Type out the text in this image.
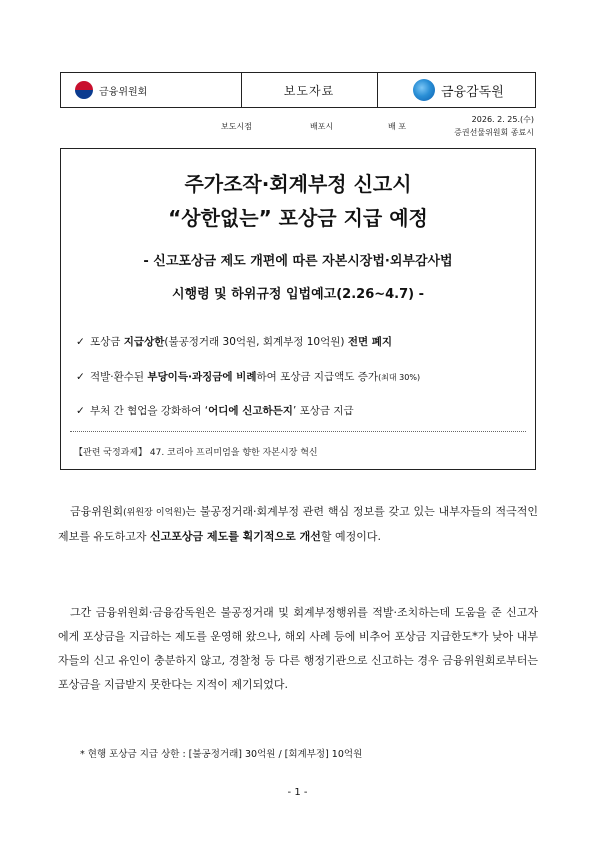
금융위원회	보도자료	금융감독원
보도시점	배포시	배 포
2026. 2. 25.(수)
증권선물위원회 종료시
주가조작·회계부정 신고시
“상한없는” 포상금 지급 예정
- 신고포상금 제도 개편에 따른 자본시장법·외부감사법
시행령 및 하위규정 입법예고(2.26~4.7) -
✓ 포상금 지급상한(불공정거래 30억원, 회계부정 10억원) 전면 폐지
✓ 적발·환수된 부당이득·과징금에 비례하여 포상금 지급액도 증가(최대 30%)
✓ 부처 간 협업을 강화하여 ‘어디에 신고하든지’ 포상금 지급
【관련 국정과제】 47. 코리아 프리미엄을 향한 자본시장 혁신
금융위원회(위원장 이억원)는 불공정거래·회계부정 관련 핵심 정보를 갖고 있는 내부자들의 적극적인 제보를 유도하고자 신고포상금 제도를 획기적으로 개선할 예정이다.
그간 금융위원회·금융감독원은 불공정거래 및 회계부정행위를 적발·조치하는데 도움을 준 신고자에게 포상금을 지급하는 제도를 운영해 왔으나, 해외 사례 등에 비추어 포상금 지급한도*가 낮아 내부자들의 신고 유인이 충분하지 않고, 경찰청 등 다른 행정기관으로 신고하는 경우 금융위원회로부터는 포상금을 지급받지 못한다는 지적이 제기되었다.
* 현행 포상금 지급 상한 : [불공정거래] 30억원 / [회계부정] 10억원
- 1 -
